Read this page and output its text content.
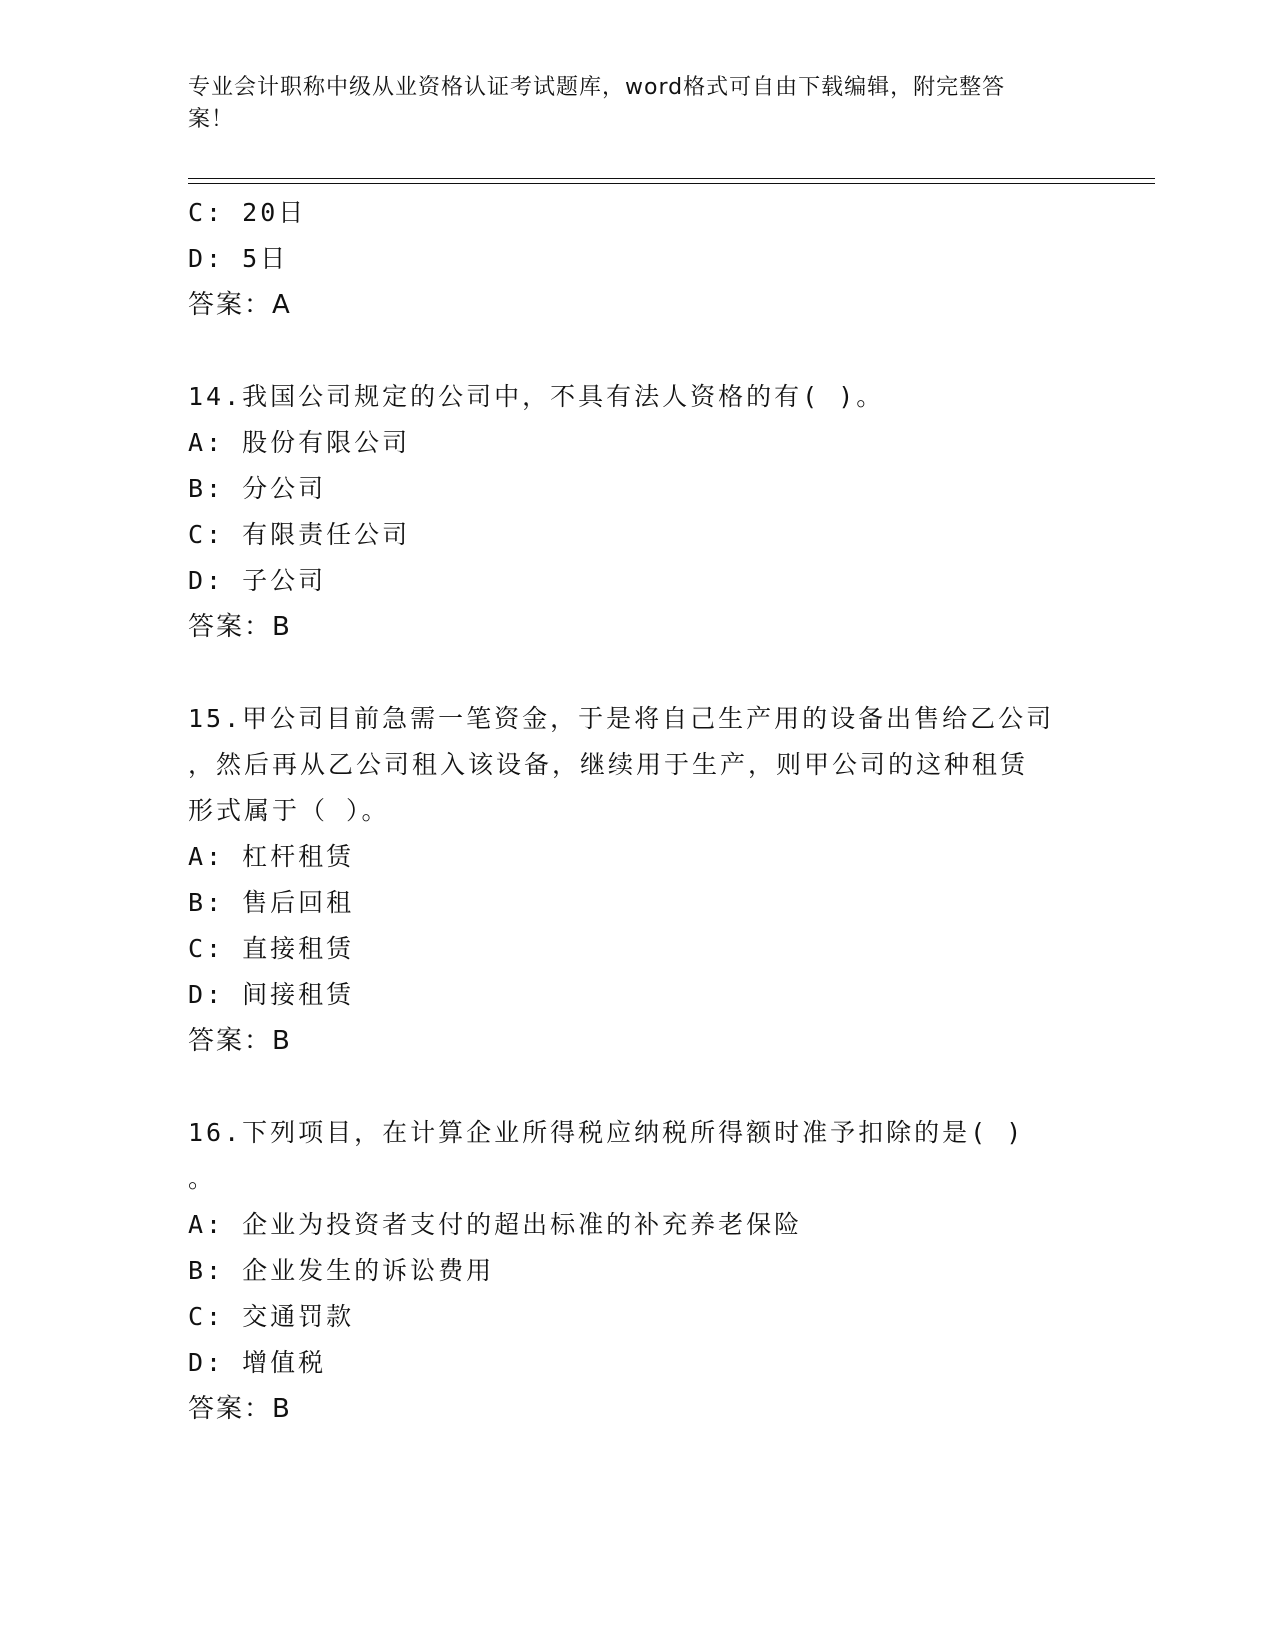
专业会计职称中级从业资格认证考试题库，word格式可自由下载编辑，附完整答
案！
C: 20日
D: 5日
答案：A
14.我国公司规定的公司中，不具有法人资格的有( )。
A: 股份有限公司
B: 分公司
C: 有限责任公司
D: 子公司
答案：B
15.甲公司目前急需一笔资金，于是将自己生产用的设备出售给乙公司
，然后再从乙公司租入该设备，继续用于生产，则甲公司的这种租赁
形式属于（ ）。
A: 杠杆租赁
B: 售后回租
C: 直接租赁
D: 间接租赁
答案：B
16.下列项目，在计算企业所得税应纳税所得额时准予扣除的是( )
。
A: 企业为投资者支付的超出标准的补充养老保险
B: 企业发生的诉讼费用
C: 交通罚款
D: 增值税
答案：B
